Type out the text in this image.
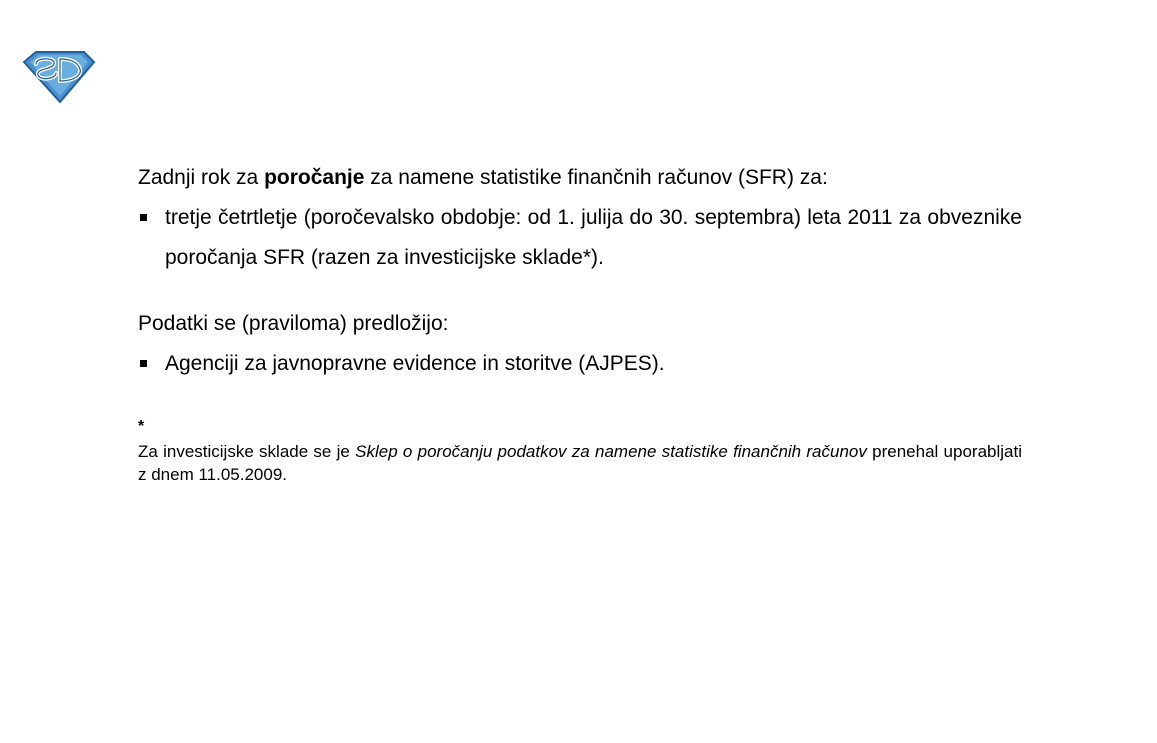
Zadnji rok za poročanje za namene statistike finančnih računov (SFR) za:

tretje četrtletje (poročevalsko obdobje: od 1. julija do 30. septembra) leta 2011 za obveznike poročanja SFR (razen za investicijske sklade*).

Podatki se (praviloma) predložijo:

Agenciji za javnopravne evidence in storitve (AJPES).
*

Za investicijske sklade se je Sklep o poročanju podatkov za namene statistike finančnih računov prenehal uporabljati z dnem 11.05.2009.
